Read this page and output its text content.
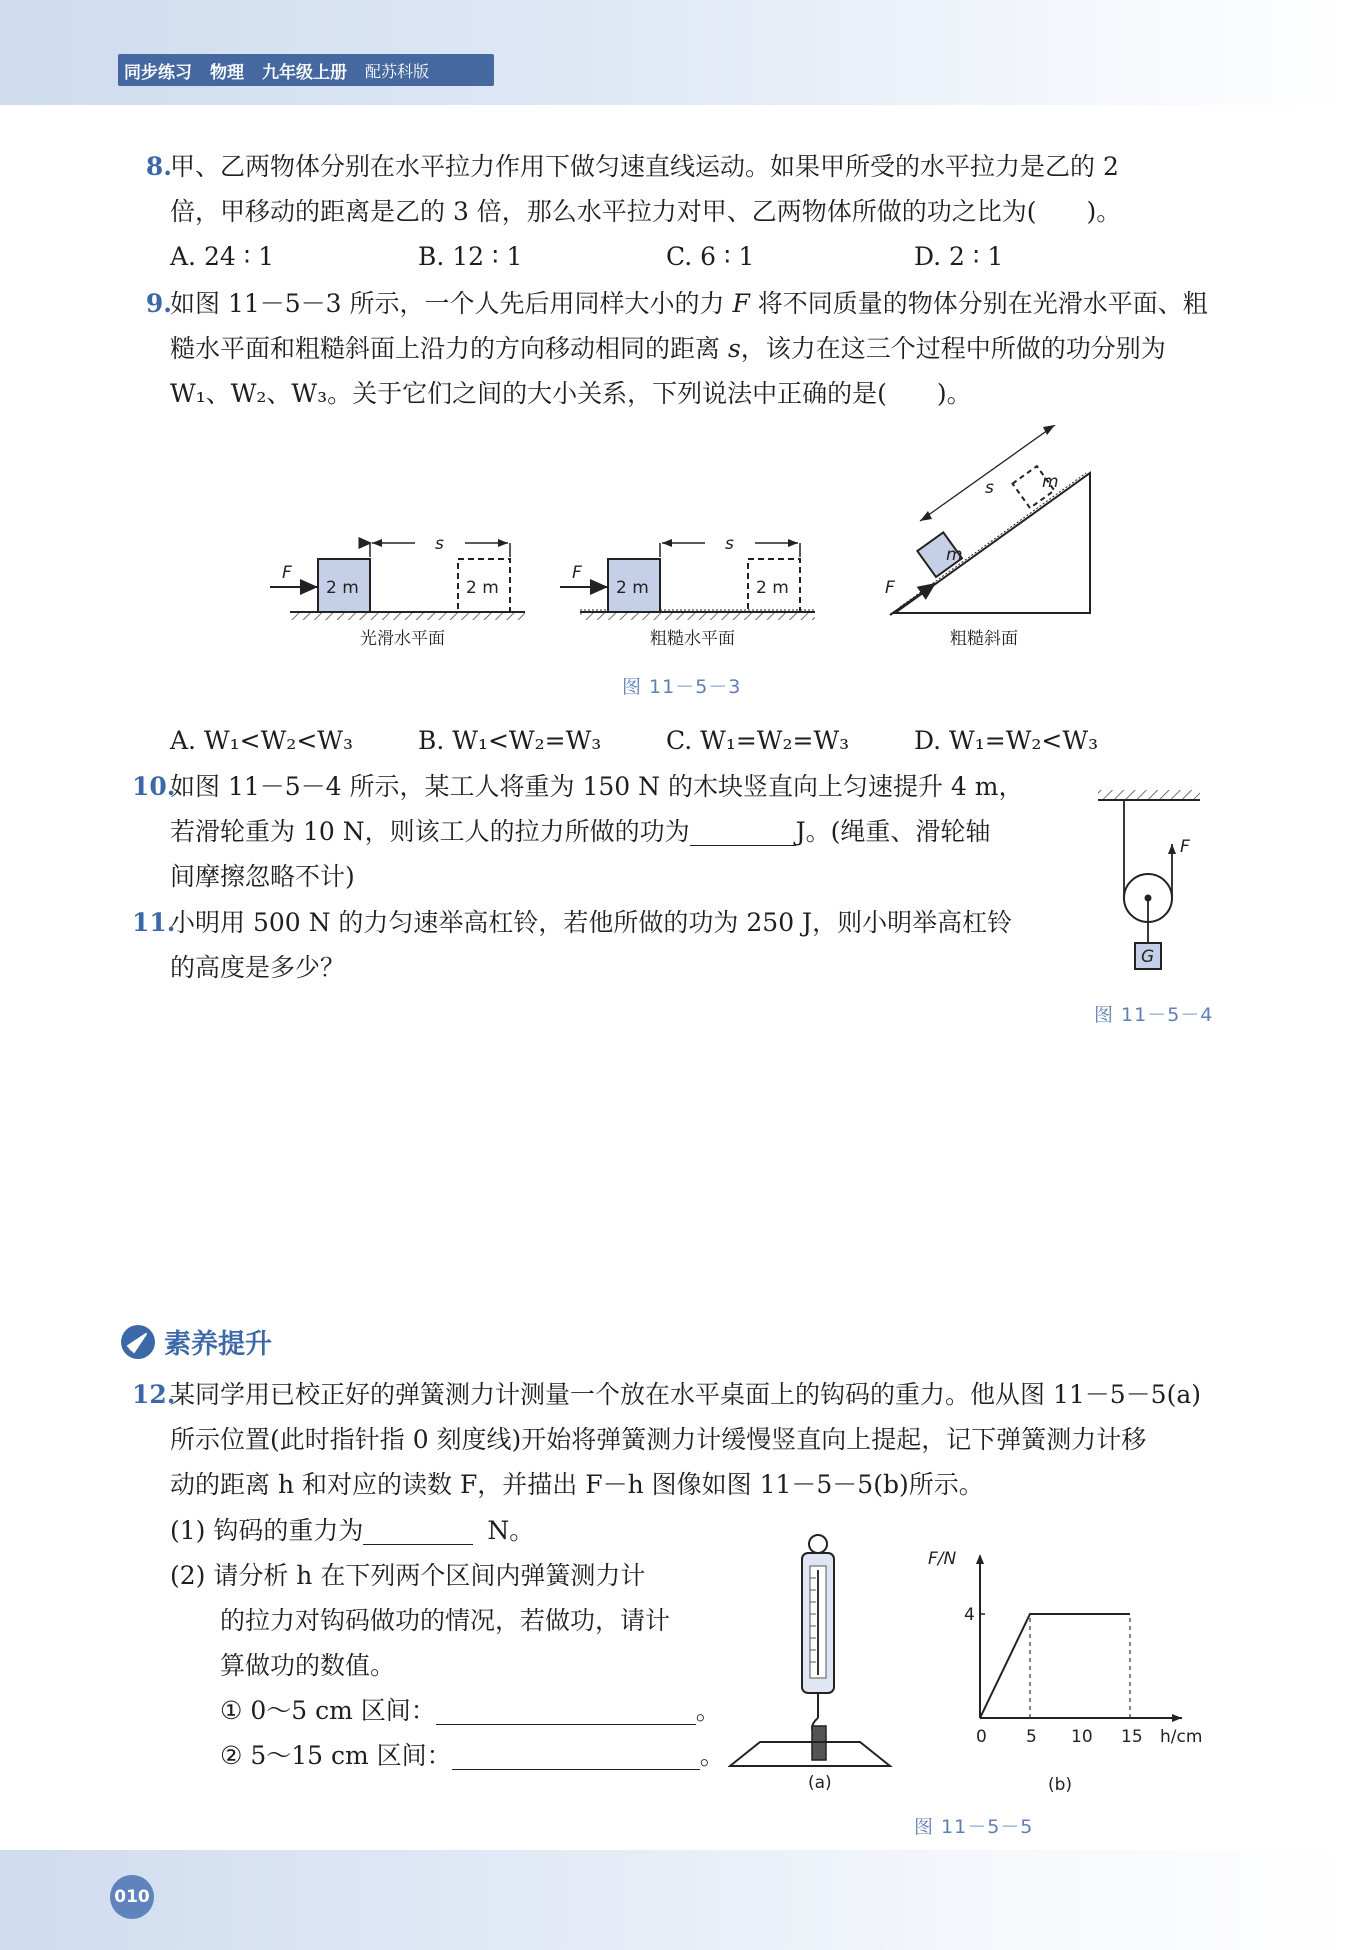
同步练习 物理 九年级上册 配苏科版
8.

甲、乙两物体分别在水平拉力作用下做匀速直线运动。如果甲所受的水平拉力是乙的 2

倍，甲移动的距离是乙的 3 倍，那么水平拉力对甲、乙两物体所做的功之比为(　　)。

A. 24 ∶ 1	B. 12 ∶ 1	C. 6 ∶ 1	D. 2 ∶ 1
9.

如图 11－5－3 所示，一个人先后用同样大小的力 F 将不同质量的物体分别在光滑水平面、粗

糙水平面和粗糙斜面上沿力的方向移动相同的距离 s，该力在这三个过程中所做的功分别为

W₁、W₂、W₃。关于它们之间的大小关系，下列说法中正确的是(　　)。

F
2 m	2 m
s
光滑水平面
F
2 m	2 m
s
粗糙水平面
m
m
F
s
粗糙斜面
图 11－5－3
A. W₁<W₂<W₃	B. W₁<W₂=W₃	C. W₁=W₂=W₃	D. W₁=W₂<W₃
10.

如图 11－5－4 所示，某工人将重为 150 N 的木块竖直向上匀速提升 4 m，

若滑轮重为 10 N，则该工人的拉力所做的功为	J。(绳重、滑轮轴

间摩擦忽略不计)

11.

小明用 500 N 的力匀速举高杠铃，若他所做的功为 250 J，则小明举高杠铃

的高度是多少？

F
G
图 11－5－4
素养提升
12.

某同学用已校正好的弹簧测力计测量一个放在水平桌面上的钩码的重力。他从图 11－5－5(a)

所示位置(此时指针指 0 刻度线)开始将弹簧测力计缓慢竖直向上提起，记下弹簧测力计移

动的距离 h 和对应的读数 F，并描出 F－h 图像如图 11－5－5(b)所示。

(1) 钩码的重力为	N。

(2) 请分析 h 在下列两个区间内弹簧测力计

的拉力对钩码做功的情况，若做功，请计

算做功的数值。

① 0～5 cm 区间：	。

② 5～15 cm 区间：	。

(a)
F/N
h/cm
0 5 10 15
4
(b)
图 11－5－5
010
